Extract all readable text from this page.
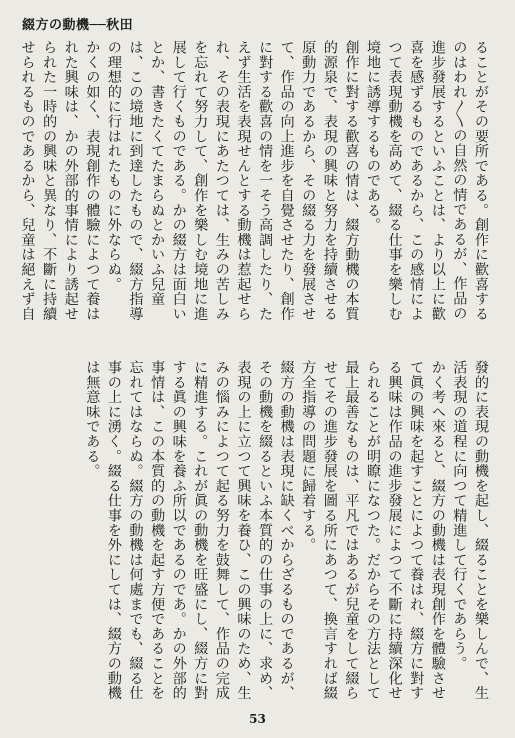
綴方の動機──秋田

ることがその要所である。創作に歡喜するのはわれ〳〵の自然の情であるが、作品の進步發展するといふことは、より以上に歡喜を感ずるものであるから、この感情によつて表現動機を高めて、綴る仕事を樂しむ境地に誘導するものである。

創作に對する歡喜の情は、綴方動機の本質的源泉で、表現の興味と努力を持續させる原動力であるから、その綴る力を發展させて、作品の向上進步を自覺させたり、創作に對する歡喜の情を一そう高調したり、たえず生活を表現せんとする動機は惹起せられ、その表現にあたつては、生みの苦しみを忘れて努力して、創作を樂しむ境地に進展して行くものである。かの綴方は面白いとか、書きたくてたまらぬとかいふ兒童は、この境地に到達したもので、綴方指導の理想的に行はれたものに外ならぬ。

かくの如く、表現創作の體驗によつて養はれた興味は、かの外部的事情により誘起せられた一時的の興味と異なり、不斷に持續せられるものであるから、兒童は絕えず自

發的に表現の動機を起し、綴ることを樂しんで、生活表現の道程に向つて精進して行くであらう。

かく考へ來ると、綴方の動機は表現創作を體驗させて眞の興味を起すことによつて養はれ、綴方に對する興味は作品の進步發展によつて不斷に持續深化せられることが明瞭になつた。だからその方法として最上最善なものは、平凡ではあるが兒童をして綴らせてその進步發展を圖る所にあつて、換言すれば綴方全指導の問題に歸着する。

綴方の動機は表現に缺くべからざるものであるが、その動機を綴るといふ本質的の仕事の上に、求め、表現の上に立つて興味を養ひ、この興味のため、生みの惱みによつて起る努力を鼓舞して、作品の完成に精進する。これが眞の動機を旺盛にし、綴方に對する眞の興味を養ふ所以であるのであ。かの外部的事情は、この本質的の動機を起す方便であることを忘れてはならぬ。綴方の動機は何處までも、綴る仕事の上に湧く。綴る仕事を外にしては、綴方の動機は無意味である。

53
